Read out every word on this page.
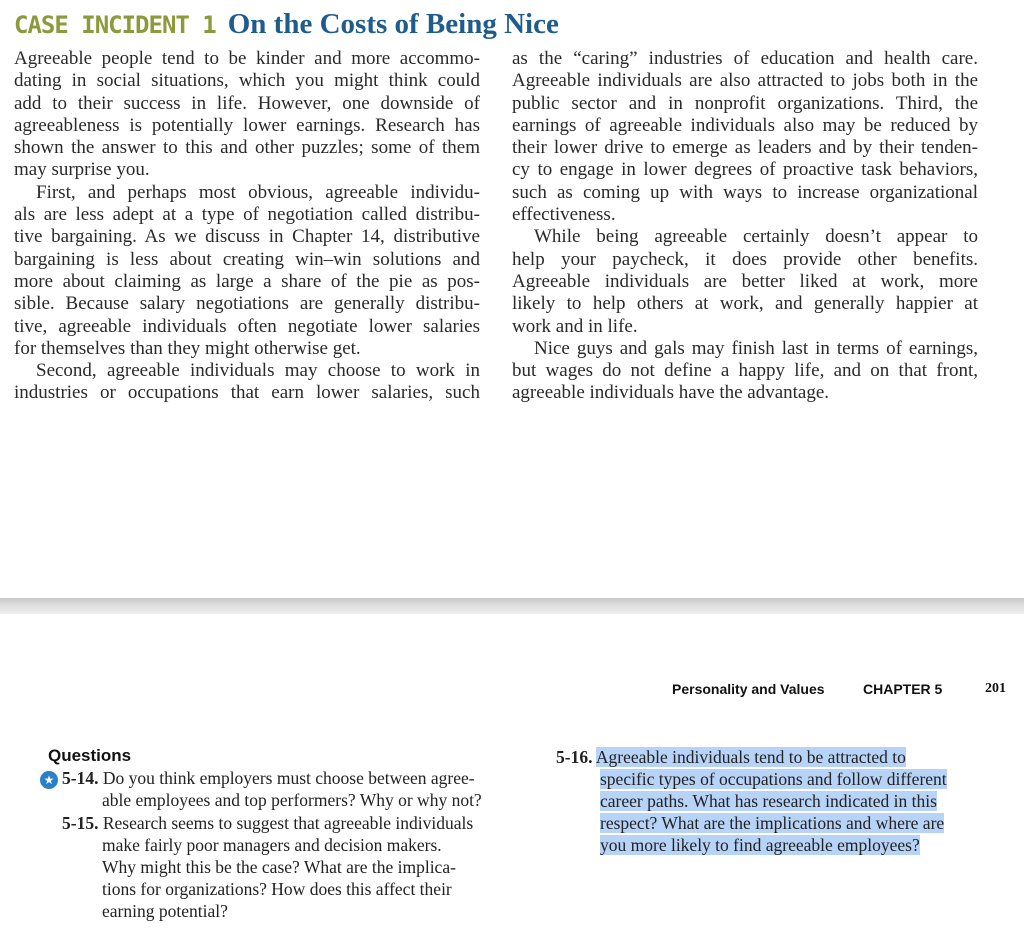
CASE INCIDENT 1 On the Costs of Being Nice
Agreeable people tend to be kinder and more accommo-
dating in social situations, which you might think could
add to their success in life. However, one downside of
agreeableness is potentially lower earnings. Research has
shown the answer to this and other puzzles; some of them
may surprise you.
First, and perhaps most obvious, agreeable individu-
als are less adept at a type of negotiation called distribu-
tive bargaining. As we discuss in Chapter 14, distributive
bargaining is less about creating win–win solutions and
more about claiming as large a share of the pie as pos-
sible. Because salary negotiations are generally distribu-
tive, agreeable individuals often negotiate lower salaries
for themselves than they might otherwise get.
Second, agreeable individuals may choose to work in
industries or occupations that earn lower salaries, such
as the “caring” industries of education and health care.
Agreeable individuals are also attracted to jobs both in the
public sector and in nonprofit organizations. Third, the
earnings of agreeable individuals also may be reduced by
their lower drive to emerge as leaders and by their tenden-
cy to engage in lower degrees of proactive task behaviors,
such as coming up with ways to increase organizational
effectiveness.
While being agreeable certainly doesn’t appear to
help your paycheck, it does provide other benefits.
Agreeable individuals are better liked at work, more
likely to help others at work, and generally happier at
work and in life.
Nice guys and gals may finish last in terms of earnings,
but wages do not define a happy life, and on that front,
agreeable individuals have the advantage.
Personality and Values	CHAPTER 5	201
Questions
★ 5-14. Do you think employers must choose between agree-
able employees and top performers? Why or why not?
5-15. Research seems to suggest that agreeable individuals
make fairly poor managers and decision makers.
Why might this be the case? What are the implica-
tions for organizations? How does this affect their
earning potential?
5-16. Agreeable individuals tend to be attracted to
specific types of occupations and follow different
career paths. What has research indicated in this
respect? What are the implications and where are
you more likely to find agreeable employees?
